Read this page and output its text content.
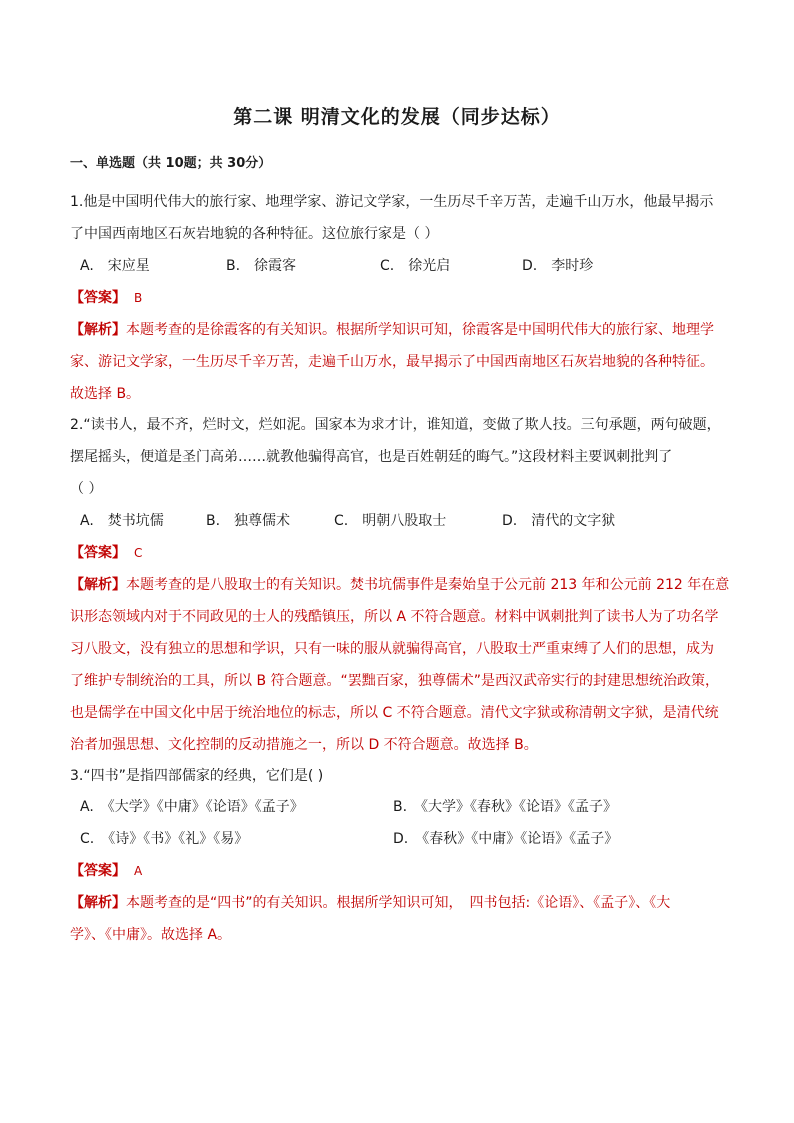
第二课 明清文化的发展（同步达标）
一、单选题（共 10题；共 30分）
1.他是中国明代伟大的旅行家、地理学家、游记文学家，一生历尽千辛万苦，走遍千山万水，他最早揭示
了中国西南地区石灰岩地貌的各种特征。这位旅行家是（ ）
A.　宋应星	B.　徐霞客	C.　徐光启	D.　李时珍
【答案】 B
【解析】本题考查的是徐霞客的有关知识。根据所学知识可知，徐霞客是中国明代伟大的旅行家、地理学
家、游记文学家，一生历尽千辛万苦，走遍千山万水，最早揭示了中国西南地区石灰岩地貌的各种特征。
故选择 B。
2.“读书人，最不齐，烂时文，烂如泥。国家本为求才计，谁知道，变做了欺人技。三句承题，两句破题，
摆尾摇头，便道是圣门高弟……就教他骗得高官，也是百姓朝廷的晦气。”这段材料主要讽刺批判了
（ ）
A.　焚书坑儒	B.　独尊儒术	C.　明朝八股取士	D.　清代的文字狱
【答案】 C
【解析】本题考查的是八股取士的有关知识。焚书坑儒事件是秦始皇于公元前 213 年和公元前 212 年在意
识形态领域内对于不同政见的士人的残酷镇压，所以 A 不符合题意。材料中讽刺批判了读书人为了功名学
习八股文，没有独立的思想和学识，只有一味的服从就骗得高官，八股取士严重束缚了人们的思想，成为
了维护专制统治的工具，所以 B 符合题意。“罢黜百家，独尊儒术”是西汉武帝实行的封建思想统治政策，
也是儒学在中国文化中居于统治地位的标志，所以 C 不符合题意。清代文字狱或称清朝文字狱，是清代统
治者加强思想、文化控制的反动措施之一，所以 D 不符合题意。故选择 B。
3.“四书”是指四部儒家的经典，它们是( )
A.　《大学》《中庸》《论语》《孟子》	B.　《大学》《春秋》《论语》《孟子》
C.　《诗》《书》《礼》《易》	D.　《春秋》《中庸》《论语》《孟子》
【答案】 A
【解析】本题考查的是“四书”的有关知识。根据所学知识可知，　四书包括:《论语》、《孟子》、《大
学》、《中庸》。故选择 A。
